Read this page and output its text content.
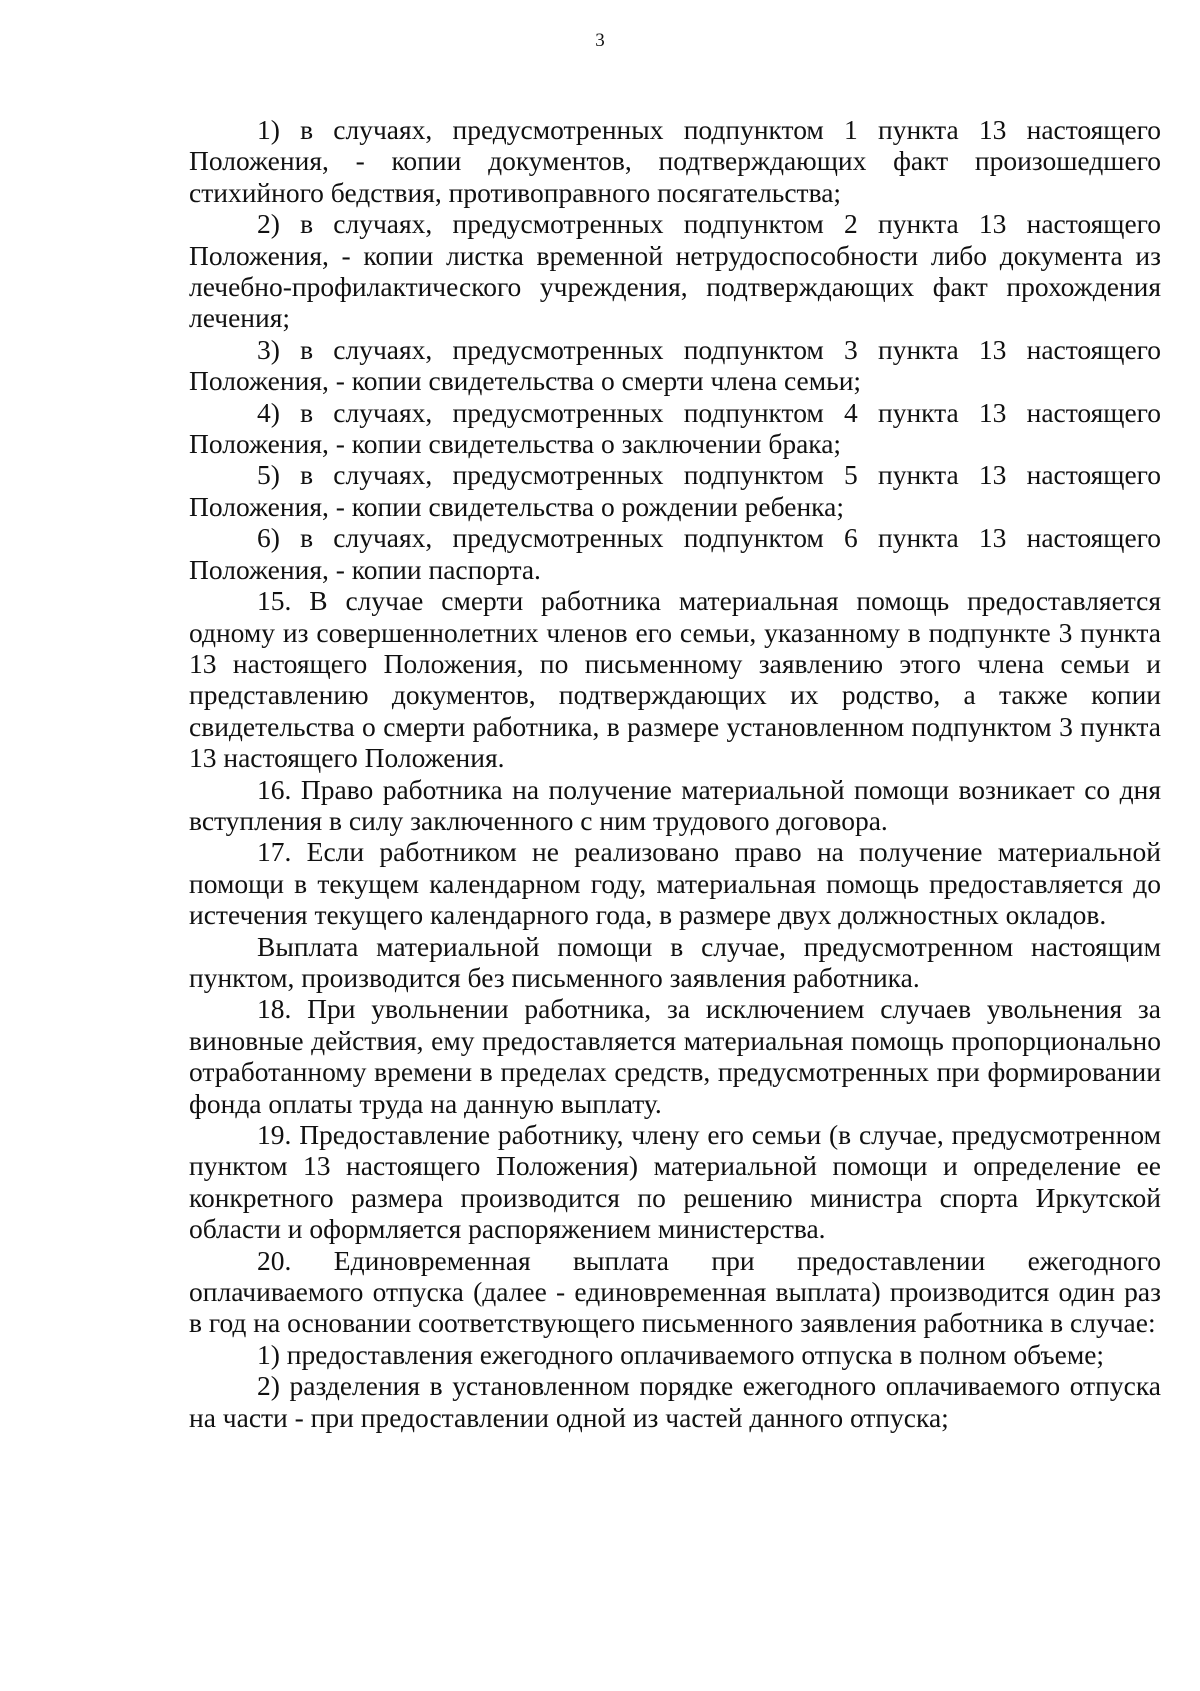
3

1) в случаях, предусмотренных подпунктом 1 пункта 13 настоящего Положения, - копии документов, подтверждающих факт произошедшего стихийного бедствия, противоправного посягательства;

2) в случаях, предусмотренных подпунктом 2 пункта 13 настоящего Положения, - копии листка временной нетрудоспособности либо документа из лечебно-профилактического учреждения, подтверждающих факт прохождения лечения;

3) в случаях, предусмотренных подпунктом 3 пункта 13 настоящего Положения, - копии свидетельства о смерти члена семьи;

4) в случаях, предусмотренных подпунктом 4 пункта 13 настоящего Положения, - копии свидетельства о заключении брака;

5) в случаях, предусмотренных подпунктом 5 пункта 13 настоящего Положения, - копии свидетельства о рождении ребенка;

6) в случаях, предусмотренных подпунктом 6 пункта 13 настоящего Положения, - копии паспорта.

15. В случае смерти работника материальная помощь предоставляется одному из совершеннолетних членов его семьи, указанному в подпункте 3 пункта 13 настоящего Положения, по письменному заявлению этого члена семьи и представлению документов, подтверждающих их родство, а также копии свидетельства о смерти работника, в размере установленном подпунктом 3 пункта 13 настоящего Положения.

16. Право работника на получение материальной помощи возникает со дня вступления в силу заключенного с ним трудового договора.

17. Если работником не реализовано право на получение материальной помощи в текущем календарном году, материальная помощь предоставляется до истечения текущего календарного года, в размере двух должностных окладов.

Выплата материальной помощи в случае, предусмотренном настоящим пунктом, производится без письменного заявления работника.

18. При увольнении работника, за исключением случаев увольнения за виновные действия, ему предоставляется материальная помощь пропорционально отработанному времени в пределах средств, предусмотренных при формировании фонда оплаты труда на данную выплату.

19. Предоставление работнику, члену его семьи (в случае, предусмотренном пунктом 13 настоящего Положения) материальной помощи и определение ее конкретного размера производится по решению министра спорта Иркутской области и оформляется распоряжением министерства.

20. Единовременная выплата при предоставлении ежегодного оплачиваемого отпуска (далее - единовременная выплата) производится один раз в год на основании соответствующего письменного заявления работника в случае:

1) предоставления ежегодного оплачиваемого отпуска в полном объеме;

2) разделения в установленном порядке ежегодного оплачиваемого отпуска на части - при предоставлении одной из частей данного отпуска;
